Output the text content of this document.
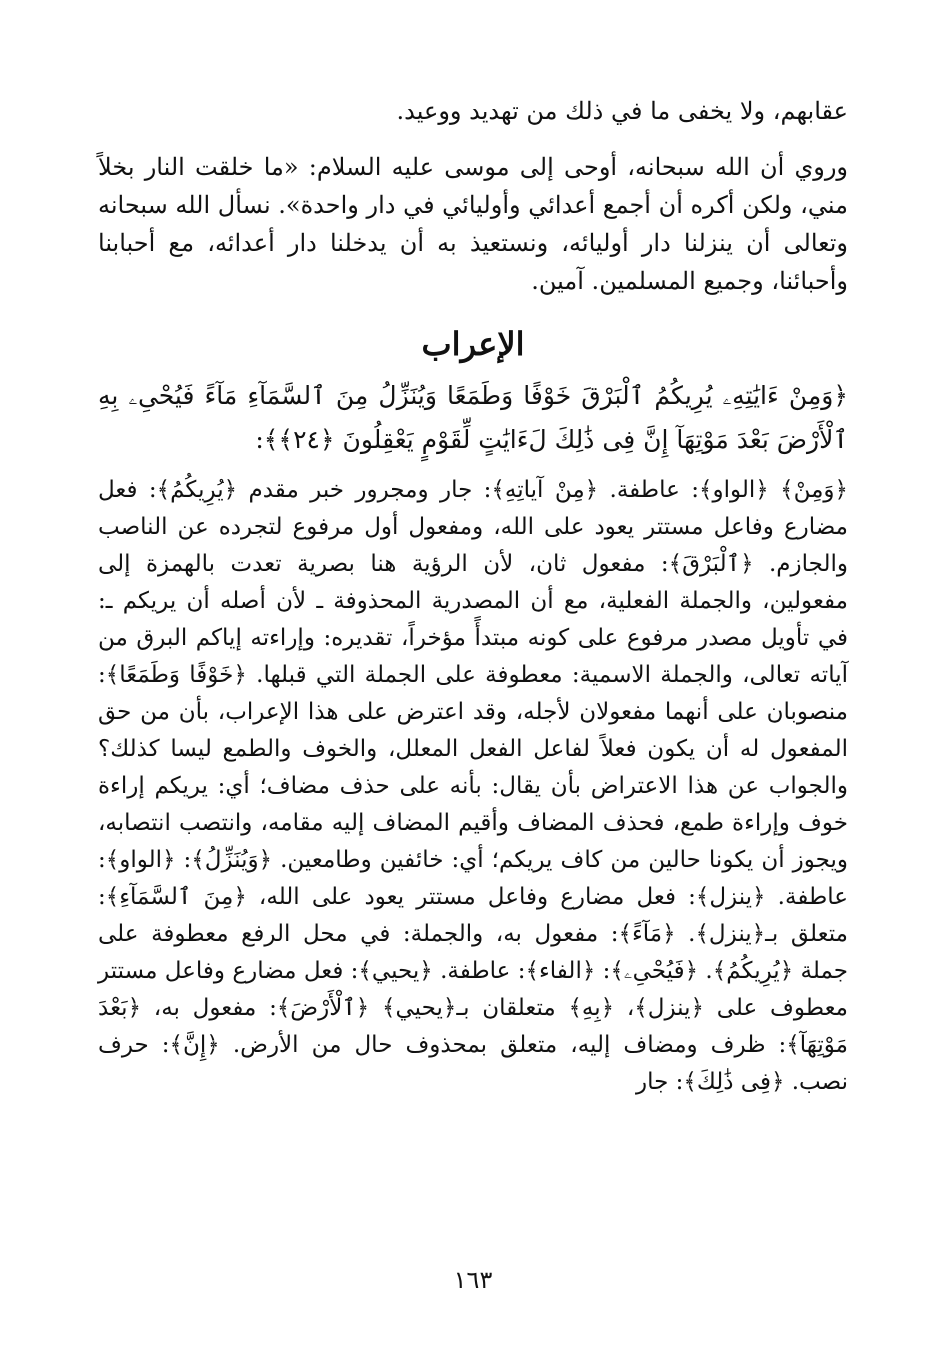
عقابهم، ولا يخفى ما في ذلك من تهديد ووعيد.

وروي أن الله سبحانه، أوحى إلى موسى عليه السلام: «ما خلقت النار بخلاً مني، ولكن أكره أن أجمع أعدائي وأوليائي في دار واحدة». نسأل الله سبحانه وتعالى أن ينزلنا دار أوليائه، ونستعيذ به أن يدخلنا دار أعدائه، مع أحبابنا وأحبائنا، وجميع المسلمين. آمين.

الإعراب

﴿وَمِنْ ءَايَٰتِهِۦ يُرِيكُمُ ٱلْبَرْقَ خَوْفًا وَطَمَعًا وَيُنَزِّلُ مِنَ ٱلسَّمَآءِ مَآءً فَيُحْىِۦ بِهِ ٱلْأَرْضَ بَعْدَ مَوْتِهَآ إِنَّ فِى ذَٰلِكَ لَءَايَٰتٍ لِّقَوْمٍ يَعْقِلُونَ ﴿٢٤﴾﴾:

﴿وَمِنْ﴾ ﴿الواو﴾: عاطفة. ﴿مِنْ آياتِهِ﴾: جار ومجرور خبر مقدم ﴿يُرِيكُمُ﴾: فعل مضارع وفاعل مستتر يعود على الله، ومفعول أول مرفوع لتجرده عن الناصب والجازم. ﴿ٱلْبَرْقَ﴾: مفعول ثان، لأن الرؤية هنا بصرية تعدت بالهمزة إلى مفعولين، والجملة الفعلية، مع أن المصدرية المحذوفة ـ لأن أصله أن يريكم ـ: في تأويل مصدر مرفوع على كونه مبتدأً مؤخراً، تقديره: وإراءته إياكم البرق من آياته تعالى، والجملة الاسمية: معطوفة على الجملة التي قبلها. ﴿خَوْفًا وَطَمَعًا﴾: منصوبان على أنهما مفعولان لأجله، وقد اعترض على هذا الإعراب، بأن من حق المفعول له أن يكون فعلاً لفاعل الفعل المعلل، والخوف والطمع ليسا كذلك؟ والجواب عن هذا الاعتراض بأن يقال: بأنه على حذف مضاف؛ أي: يريكم إراءة خوف وإراءة طمع، فحذف المضاف وأقيم المضاف إليه مقامه، وانتصب انتصابه، ويجوز أن يكونا حالين من كاف يريكم؛ أي: خائفين وطامعين. ﴿وَيُنَزِّلُ﴾: ﴿الواو﴾: عاطفة. ﴿ينزل﴾: فعل مضارع وفاعل مستتر يعود على الله، ﴿مِنَ ٱلسَّمَآءِ﴾: متعلق بـ﴿ينزل﴾. ﴿مَآءً﴾: مفعول به، والجملة: في محل الرفع معطوفة على جملة ﴿يُرِيكُمُ﴾. ﴿فَيُحْىِۦ﴾: ﴿الفاء﴾: عاطفة. ﴿يحيي﴾: فعل مضارع وفاعل مستتر معطوف على ﴿ينزل﴾، ﴿بِهِ﴾ متعلقان بـ﴿يحيي﴾ ﴿ٱلْأَرْضَ﴾: مفعول به، ﴿بَعْدَ مَوْتِهَآ﴾: ظرف ومضاف إليه، متعلق بمحذوف حال من الأرض. ﴿إِنَّ﴾: حرف نصب. ﴿فِى ذَٰلِكَ﴾: جار

١٦٣
